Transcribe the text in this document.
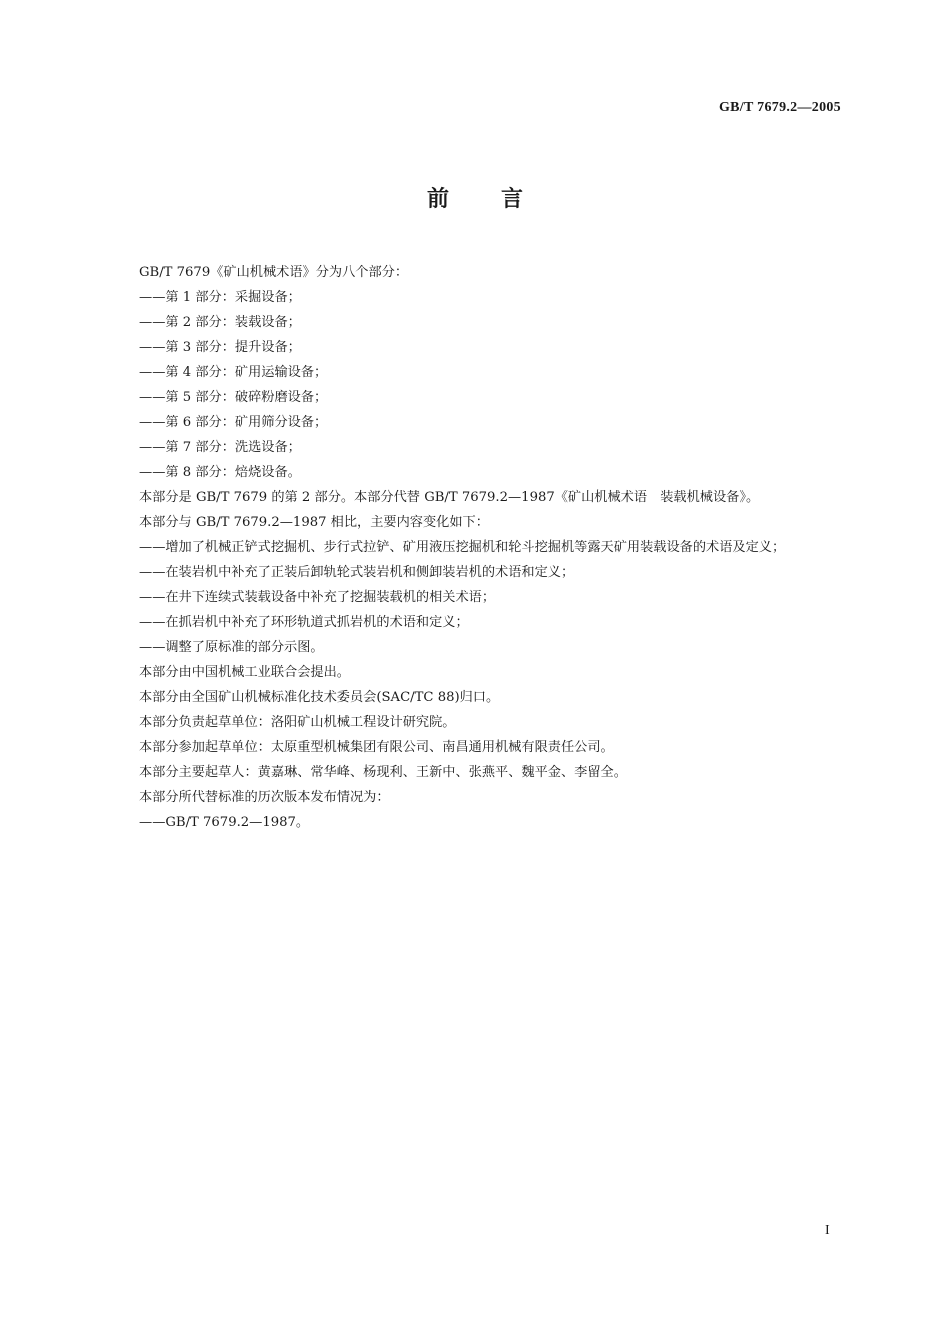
GB/T 7679.2—2005
前言

GB/T 7679《矿山机械术语》分为八个部分：

——第 1 部分：采掘设备；

——第 2 部分：装载设备；

——第 3 部分：提升设备；

——第 4 部分：矿用运输设备；

——第 5 部分：破碎粉磨设备；

——第 6 部分：矿用筛分设备；

——第 7 部分：洗选设备；

——第 8 部分：焙烧设备。

本部分是 GB/T 7679 的第 2 部分。本部分代替 GB/T 7679.2—1987《矿山机械术语　装载机械设备》。

本部分与 GB/T 7679.2—1987 相比，主要内容变化如下：

——增加了机械正铲式挖掘机、步行式拉铲、矿用液压挖掘机和轮斗挖掘机等露天矿用装载设备的术语及定义；

——在装岩机中补充了正装后卸轨轮式装岩机和侧卸装岩机的术语和定义；

——在井下连续式装载设备中补充了挖掘装载机的相关术语；

——在抓岩机中补充了环形轨道式抓岩机的术语和定义；

——调整了原标准的部分示图。

本部分由中国机械工业联合会提出。

本部分由全国矿山机械标准化技术委员会(SAC/TC 88)归口。

本部分负责起草单位：洛阳矿山机械工程设计研究院。

本部分参加起草单位：太原重型机械集团有限公司、南昌通用机械有限责任公司。

本部分主要起草人：黄嘉琳、常华峰、杨现利、王新中、张燕平、魏平金、李留全。

本部分所代替标准的历次版本发布情况为：

——GB/T 7679.2—1987。

I
